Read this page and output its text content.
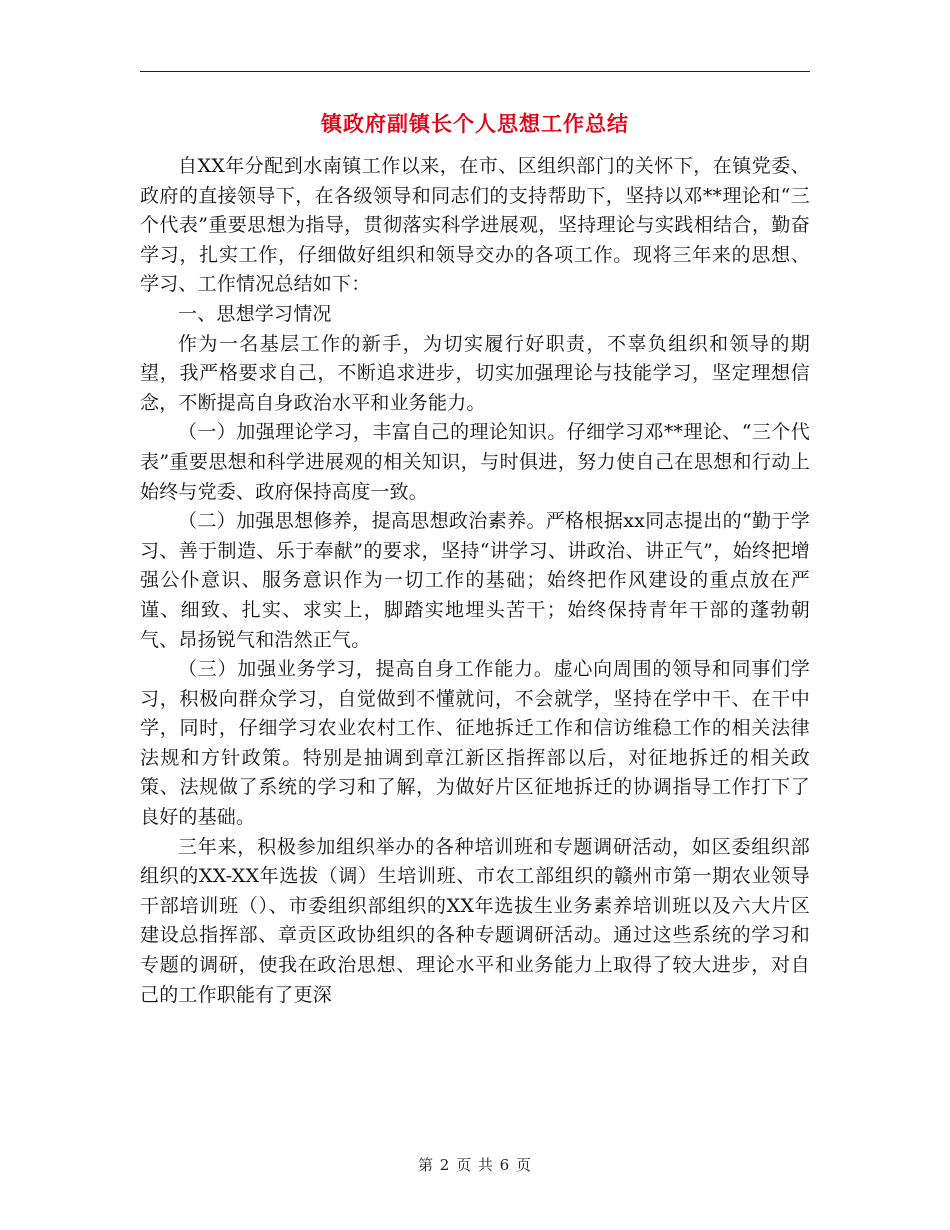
镇政府副镇长个人思想工作总结

自XX年分配到水南镇工作以来，在市、区组织部门的关怀下，在镇党委、政府的直接领导下，在各级领导和同志们的支持帮助下，坚持以邓**理论和“三个代表”重要思想为指导，贯彻落实科学进展观，坚持理论与实践相结合，勤奋学习，扎实工作，仔细做好组织和领导交办的各项工作。现将三年来的思想、学习、工作情况总结如下：

一、思想学习情况

作为一名基层工作的新手，为切实履行好职责，不辜负组织和领导的期望，我严格要求自己，不断追求进步，切实加强理论与技能学习，坚定理想信念，不断提高自身政治水平和业务能力。

（一）加强理论学习，丰富自己的理论知识。仔细学习邓**理论、“三个代表”重要思想和科学进展观的相关知识，与时俱进，努力使自己在思想和行动上始终与党委、政府保持高度一致。

（二）加强思想修养，提高思想政治素养。严格根据xx同志提出的“勤于学习、善于制造、乐于奉献”的要求，坚持“讲学习、讲政治、讲正气”，始终把增强公仆意识、服务意识作为一切工作的基础；始终把作风建设的重点放在严谨、细致、扎实、求实上，脚踏实地埋头苦干；始终保持青年干部的蓬勃朝气、昂扬锐气和浩然正气。

（三）加强业务学习，提高自身工作能力。虚心向周围的领导和同事们学习，积极向群众学习，自觉做到不懂就问，不会就学，坚持在学中干、在干中学，同时，仔细学习农业农村工作、征地拆迁工作和信访维稳工作的相关法律法规和方针政策。特别是抽调到章江新区指挥部以后，对征地拆迁的相关政策、法规做了系统的学习和了解，为做好片区征地拆迁的协调指导工作打下了良好的基础。

三年来，积极参加组织举办的各种培训班和专题调研活动，如区委组织部组织的XX-XX年选拔（调）生培训班、市农工部组织的赣州市第一期农业领导干部培训班（）、市委组织部组织的XX年选拔生业务素养培训班以及六大片区建设总指挥部、章贡区政协组织的各种专题调研活动。通过这些系统的学习和专题的调研，使我在政治思想、理论水平和业务能力上取得了较大进步，对自己的工作职能有了更深

第 2 页 共 6 页
